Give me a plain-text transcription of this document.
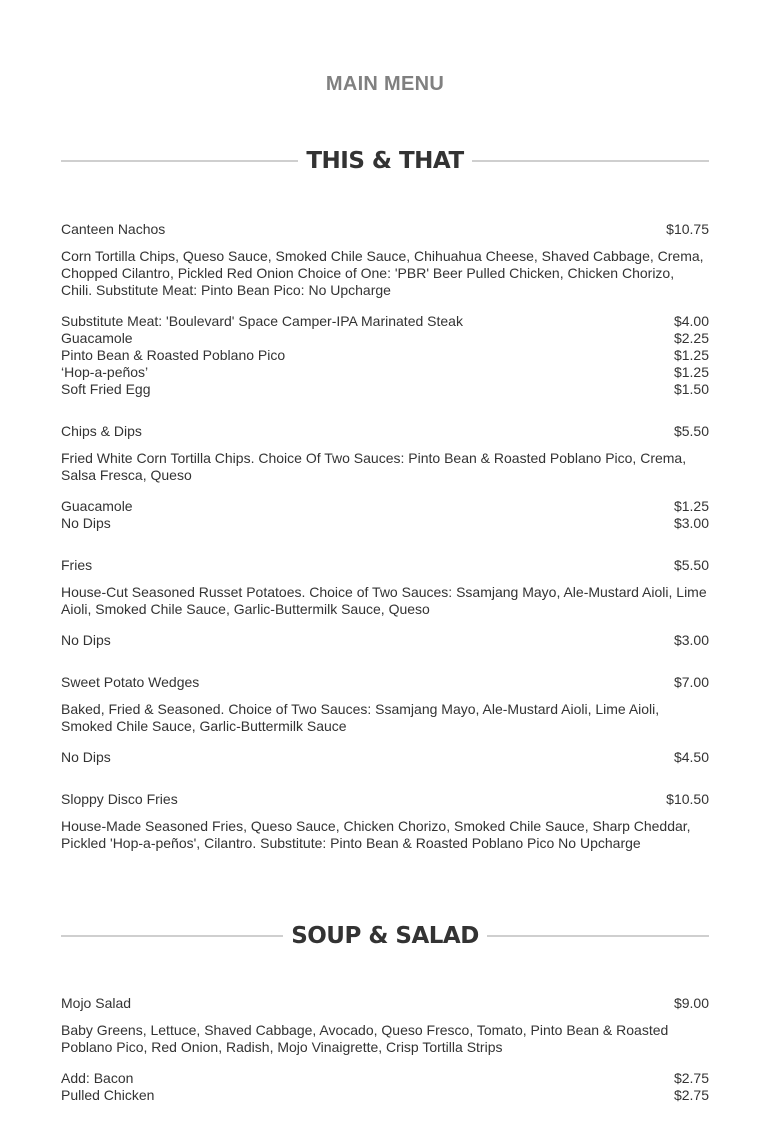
MAIN MENU
THIS & THAT
Canteen Nachos	$10.75
Corn Tortilla Chips, Queso Sauce, Smoked Chile Sauce, Chihuahua Cheese, Shaved Cabbage, Crema, Chopped Cilantro, Pickled Red Onion Choice of One: 'PBR' Beer Pulled Chicken, Chicken Chorizo, Chili. Substitute Meat: Pinto Bean Pico: No Upcharge
Substitute Meat: 'Boulevard' Space Camper-IPA Marinated Steak	$4.00
Guacamole	$2.25
Pinto Bean & Roasted Poblano Pico	$1.25
‘Hop-a-peños’	$1.25
Soft Fried Egg	$1.50
Chips & Dips	$5.50
Fried White Corn Tortilla Chips. Choice Of Two Sauces: Pinto Bean & Roasted Poblano Pico, Crema, Salsa Fresca, Queso
Guacamole	$1.25
No Dips	$3.00
Fries	$5.50
House-Cut Seasoned Russet Potatoes. Choice of Two Sauces: Ssamjang Mayo, Ale-Mustard Aioli, Lime Aioli, Smoked Chile Sauce, Garlic-Buttermilk Sauce, Queso
No Dips	$3.00
Sweet Potato Wedges	$7.00
Baked, Fried & Seasoned. Choice of Two Sauces: Ssamjang Mayo, Ale-Mustard Aioli, Lime Aioli, Smoked Chile Sauce, Garlic-Buttermilk Sauce
No Dips	$4.50
Sloppy Disco Fries	$10.50
House-Made Seasoned Fries, Queso Sauce, Chicken Chorizo, Smoked Chile Sauce, Sharp Cheddar, Pickled 'Hop-a-peños', Cilantro. Substitute: Pinto Bean & Roasted Poblano Pico No Upcharge
SOUP & SALAD
Mojo Salad	$9.00
Baby Greens, Lettuce, Shaved Cabbage, Avocado, Queso Fresco, Tomato, Pinto Bean & Roasted Poblano Pico, Red Onion, Radish, Mojo Vinaigrette, Crisp Tortilla Strips
Add: Bacon	$2.75
Pulled Chicken	$2.75
